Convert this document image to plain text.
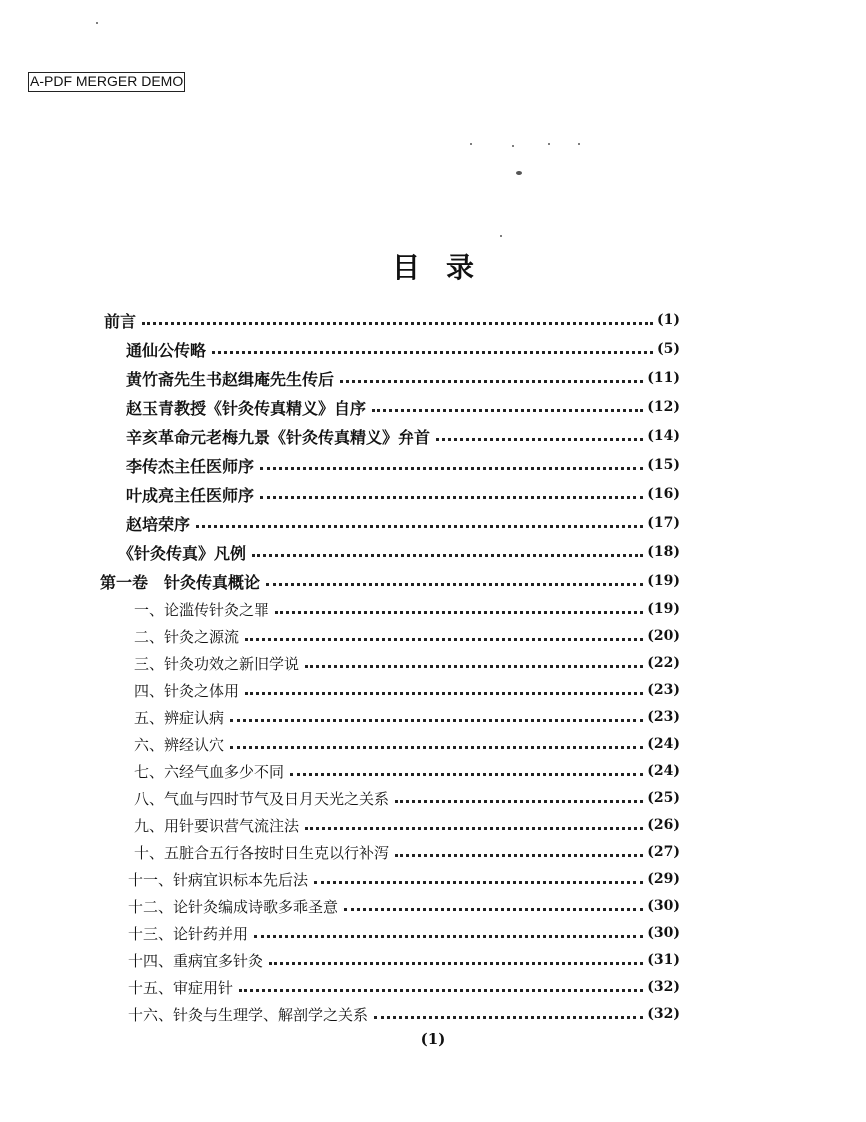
A-PDF MERGER DEMO
目录
前言	(1)
通仙公传略	(5)
黄竹斋先生书赵缉庵先生传后	(11)
赵玉青教授《针灸传真精义》自序	(12)
辛亥革命元老梅九景《针灸传真精义》弁首	(14)
李传杰主任医师序	(15)
叶成亮主任医师序	(16)
赵培荣序	(17)
《针灸传真》凡例	(18)
第一卷　针灸传真概论	(19)
一、论滥传针灸之罪	(19)
二、针灸之源流	(20)
三、针灸功效之新旧学说	(22)
四、针灸之体用	(23)
五、辨症认病	(23)
六、辨经认穴	(24)
七、六经气血多少不同	(24)
八、气血与四时节气及日月天光之关系	(25)
九、用针要识营气流注法	(26)
十、五脏合五行各按时日生克以行补泻	(27)
十一、针病宜识标本先后法	(29)
十二、论针灸编成诗歌多乖圣意	(30)
十三、论针药并用	(30)
十四、重病宜多针灸	(31)
十五、审症用针	(32)
十六、针灸与生理学、解剖学之关系	(32)
(1)
